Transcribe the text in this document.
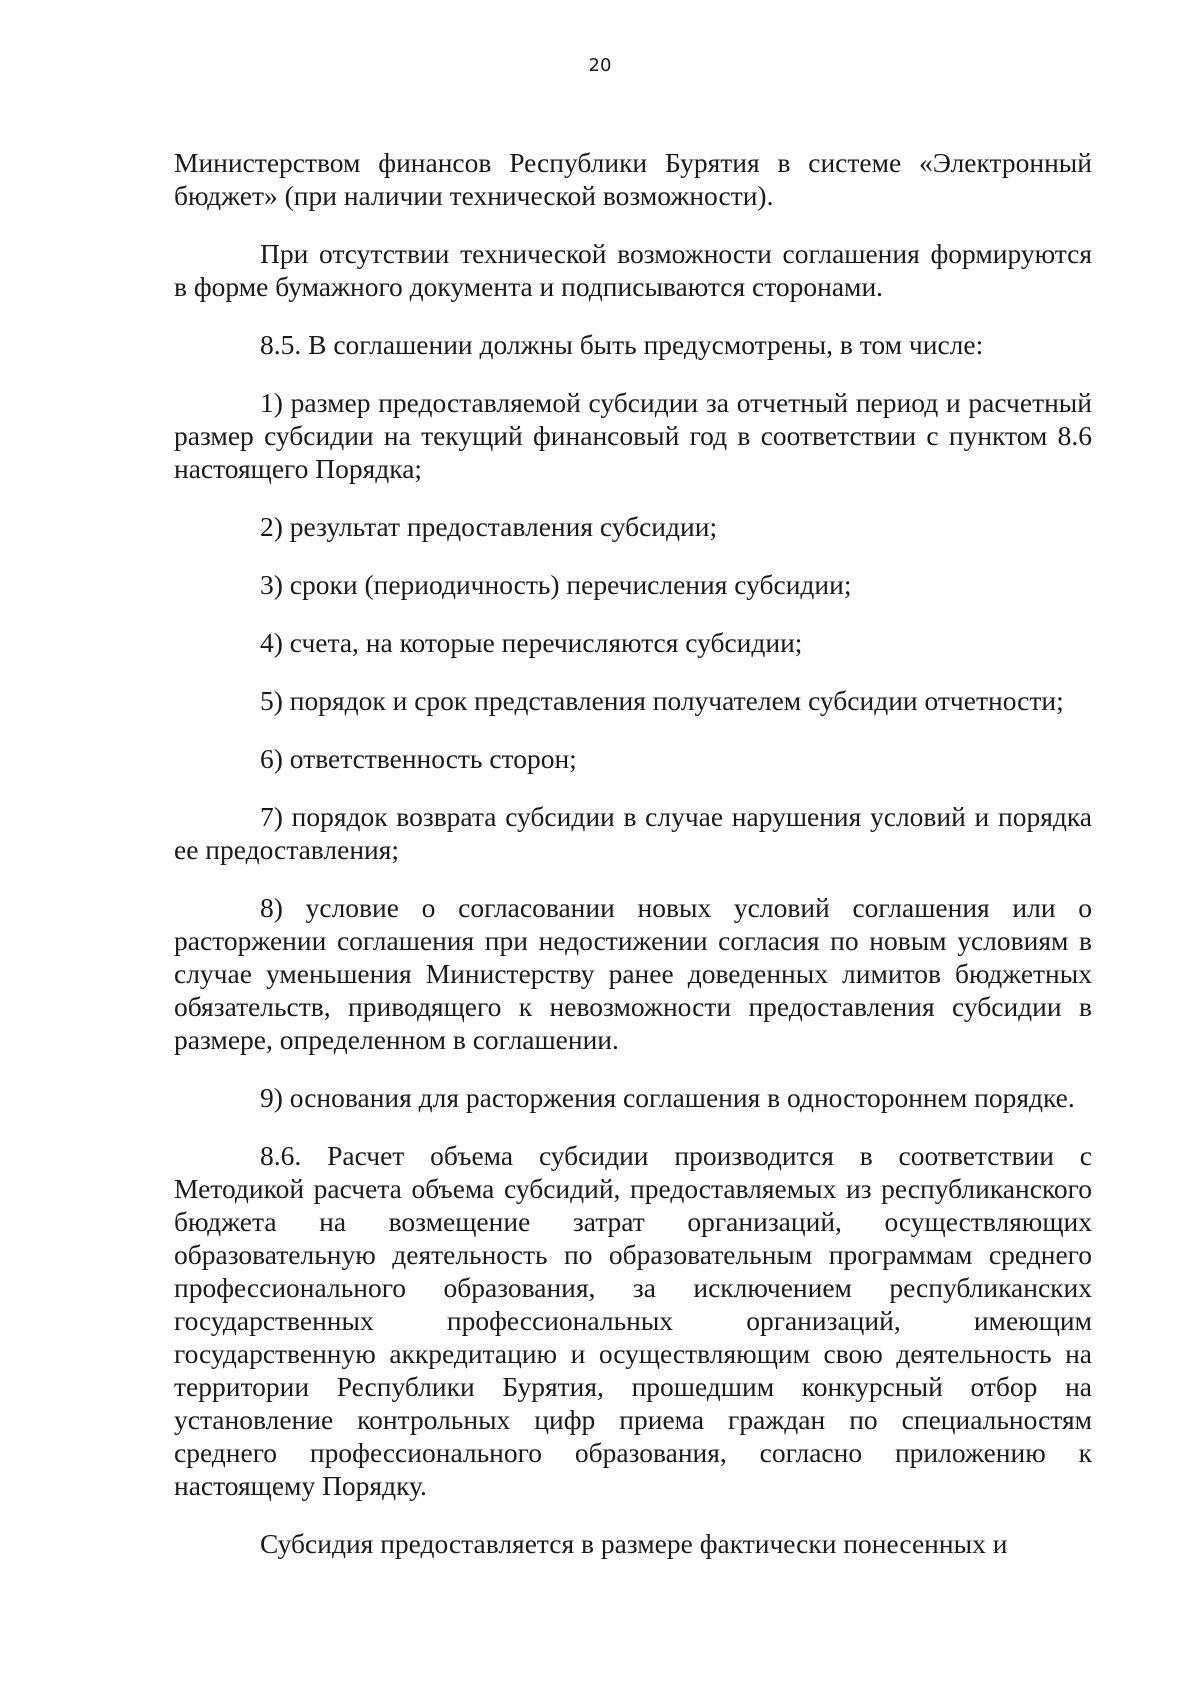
20

Министерством финансов Республики Бурятия в системе «Электронный бюджет» (при наличии технической возможности).

При отсутствии технической возможности соглашения формируются в форме бумажного документа и подписываются сторонами.

8.5. В соглашении должны быть предусмотрены, в том числе:

1) размер предоставляемой субсидии за отчетный период и расчетный размер субсидии на текущий финансовый год в соответствии с пунктом 8.6 настоящего Порядка;

2) результат предоставления субсидии;

3) сроки (периодичность) перечисления субсидии;

4) счета, на которые перечисляются субсидии;

5) порядок и срок представления получателем субсидии отчетности;

6) ответственность сторон;

7) порядок возврата субсидии в случае нарушения условий и порядка ее предоставления;

8) условие о согласовании новых условий соглашения или о расторжении соглашения при недостижении согласия по новым условиям в случае уменьшения Министерству ранее доведенных лимитов бюджетных обязательств, приводящего к невозможности предоставления субсидии в размере, определенном в соглашении.

9) основания для расторжения соглашения в одностороннем порядке.

8.6. Расчет объема субсидии производится в соответствии с Методикой расчета объема субсидий, предоставляемых из республиканского бюджета на возмещение затрат организаций, осуществляющих образовательную деятельность по образовательным программам среднего профессионального образования, за исключением республиканских государственных профессиональных организаций, имеющим государственную аккредитацию и осуществляющим свою деятельность на территории Республики Бурятия, прошедшим конкурсный отбор на установление контрольных цифр приема граждан по специальностям среднего профессионального образования, согласно приложению к настоящему Порядку.

Субсидия предоставляется в размере фактически понесенных и
